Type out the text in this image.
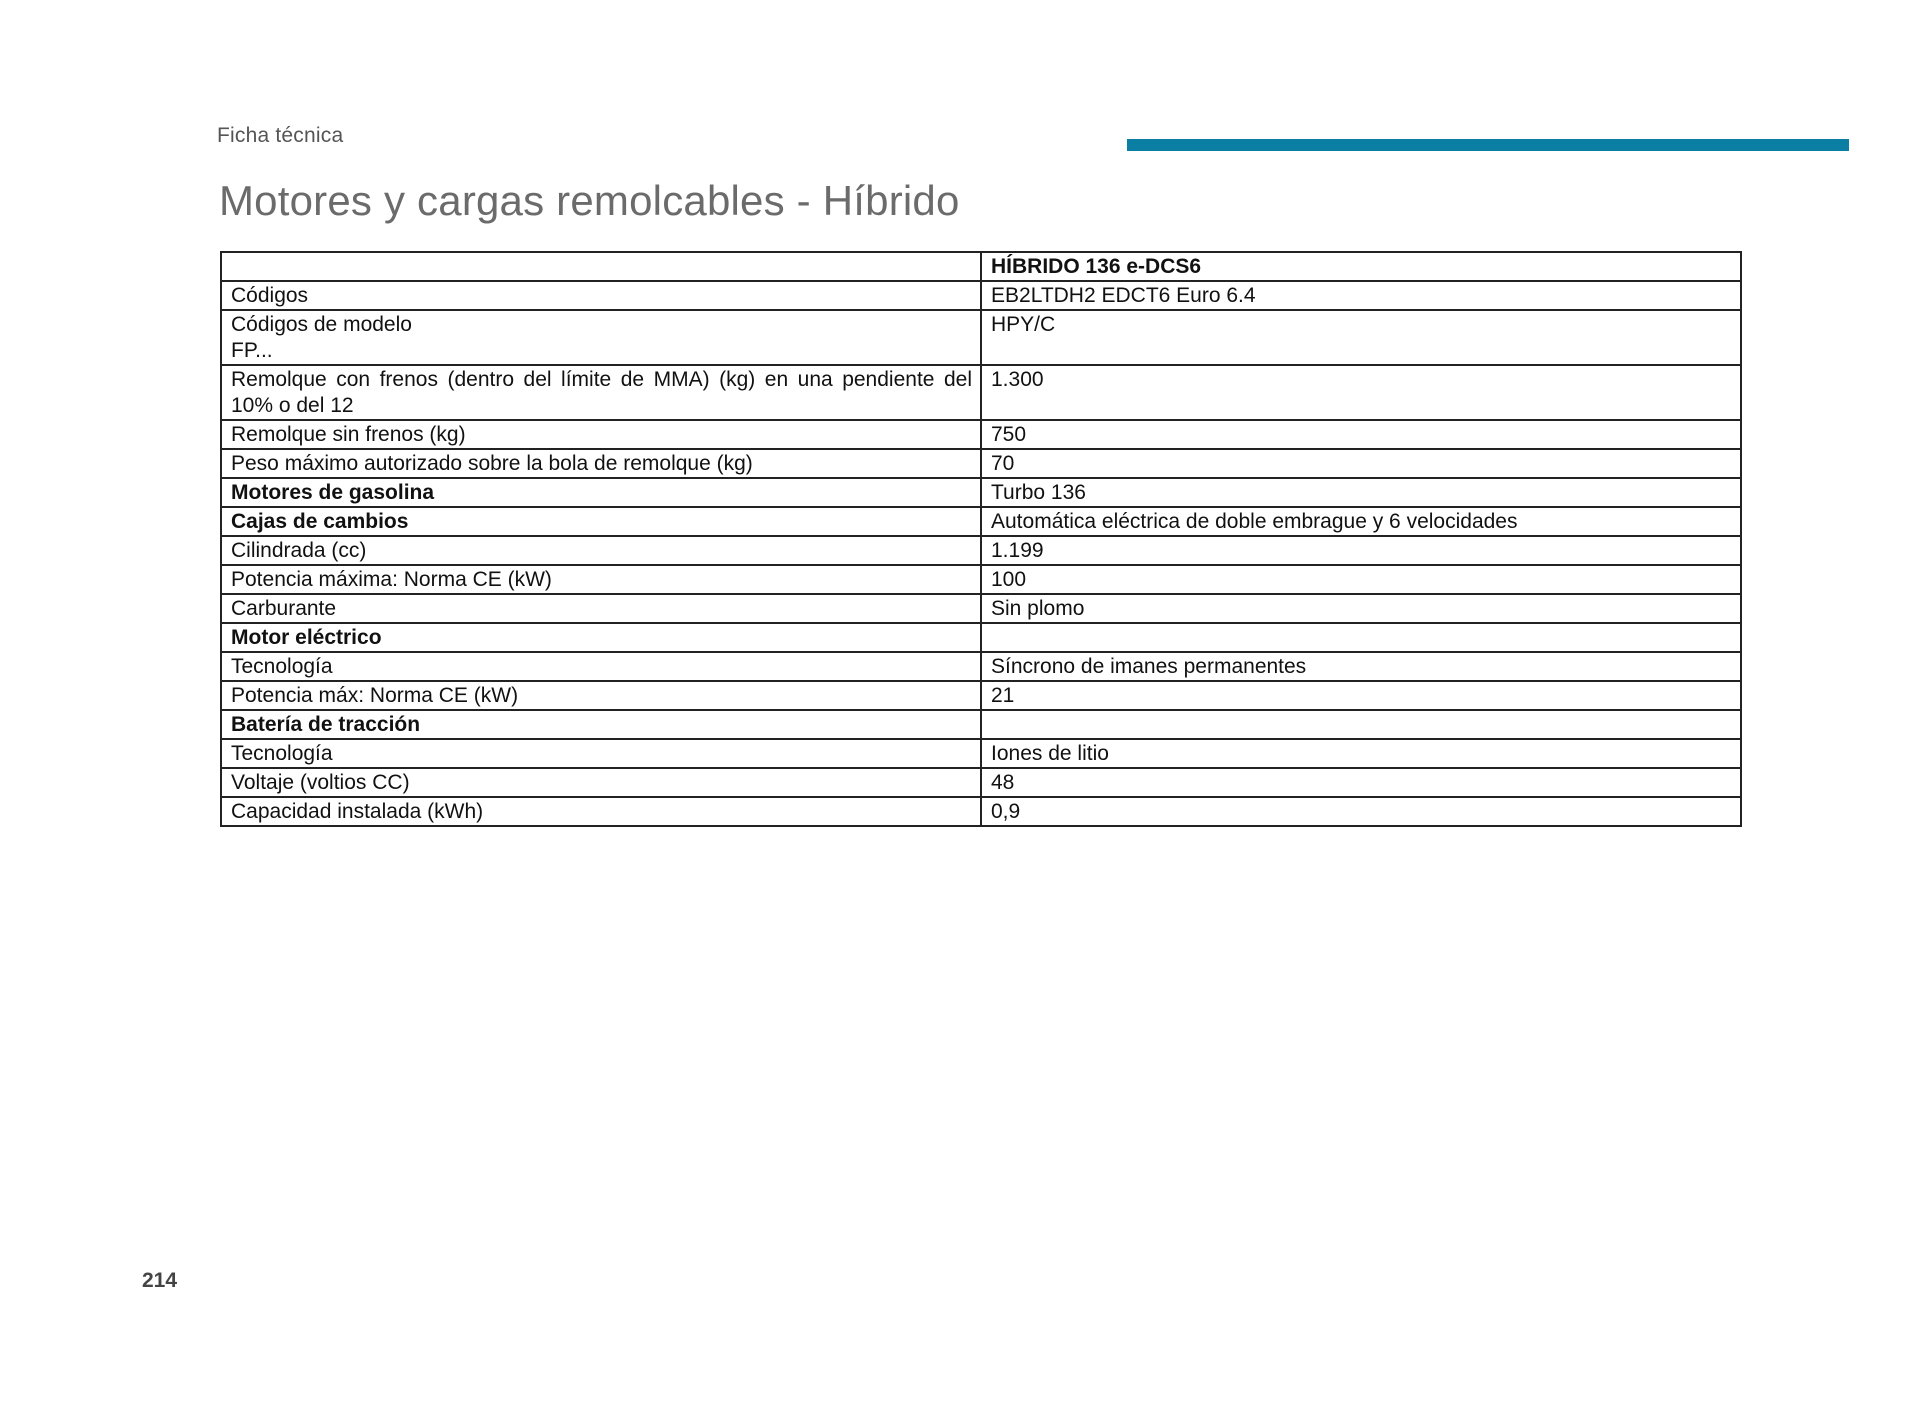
Ficha técnica
Motores y cargas remolcables - Híbrido
	HÍBRIDO 136 e-DCS6
Códigos	EB2LTDH2 EDCT6 Euro 6.4
Códigos de modelo
FP...	HPY/C
Remolque con frenos (dentro del límite de MMA) (kg) en una pendiente del 10% o del 12	1.300
Remolque sin frenos (kg)	750
Peso máximo autorizado sobre la bola de remolque (kg)	70
Motores de gasolina	Turbo 136
Cajas de cambios	Automática eléctrica de doble embrague y 6 velocidades
Cilindrada (cc)	1.199
Potencia máxima: Norma CE (kW)	100
Carburante	Sin plomo
Motor eléctrico	
Tecnología	Síncrono de imanes permanentes
Potencia máx: Norma CE (kW)	21
Batería de tracción	
Tecnología	Iones de litio
Voltaje (voltios CC)	48
Capacidad instalada (kWh)	0,9
214
